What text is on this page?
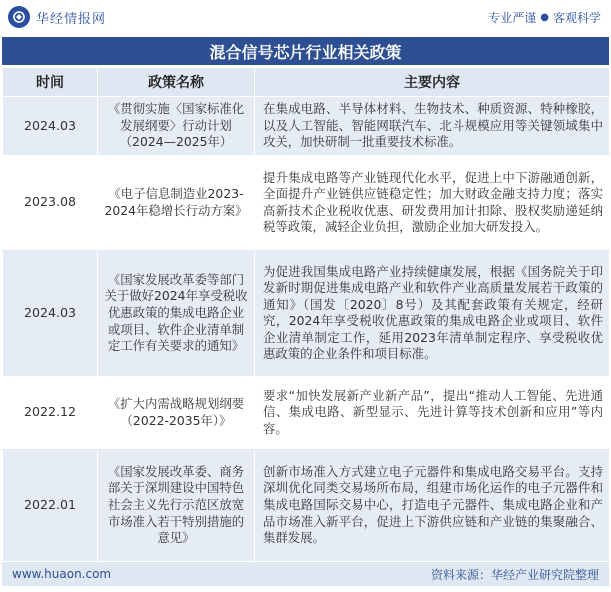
华经情报网	专业严谨 ● 客观科学
混合信号芯片行业相关政策
时间	政策名称	主要内容
2024.03	《贯彻实施〈国家标准化发展纲要〉行动计划（2024—2025年）	在集成电路、半导体材料、生物技术、种质资源、特种橡胶，以及人工智能、智能网联汽车、北斗规模应用等关键领域集中攻关，加快研制一批重要技术标准。
2023.08	《电子信息制造业2023-2024年稳增长行动方案》	提升集成电路等产业链现代化水平，促进上中下游融通创新，全面提升产业链供应链稳定性；加大财政金融支持力度；落实高新技术企业税收优惠、研发费用加计扣除、股权奖励递延纳税等政策，减轻企业负担，激励企业加大研发投入。
2024.03	《国家发展改革委等部门关于做好2024年享受税收优惠政策的集成电路企业或项目、软件企业清单制定工作有关要求的通知》	为促进我国集成电路产业持续健康发展，根据《国务院关于印发新时期促进集成电路产业和软件产业高质量发展若干政策的通知》（国发〔2020〕8号）及其配套政策有关规定，经研究，2024年享受税收优惠政策的集成电路企业或项目、软件企业清单制定工作，延用2023年清单制定程序、享受税收优惠政策的企业条件和项目标准。
2022.12	《扩大内需战略规划纲要（2022-2035年）》	要求“加快发展新产业新产品”，提出“推动人工智能、先进通信、集成电路、新型显示、先进计算等技术创新和应用”等内容。
2022.01	《国家发展改革委、商务部关于深圳建设中国特色社会主义先行示范区放宽市场准入若干特别措施的意见》	创新市场准入方式建立电子元器件和集成电路交易平台。支持深圳优化同类交易场所布局，组建市场化运作的电子元器件和集成电路国际交易中心，打造电子元器件、集成电路企业和产品市场准入新平台，促进上下游供应链和产业链的集聚融合、集群发展。
www.huaon.com	资料来源：华经产业研究院整理
